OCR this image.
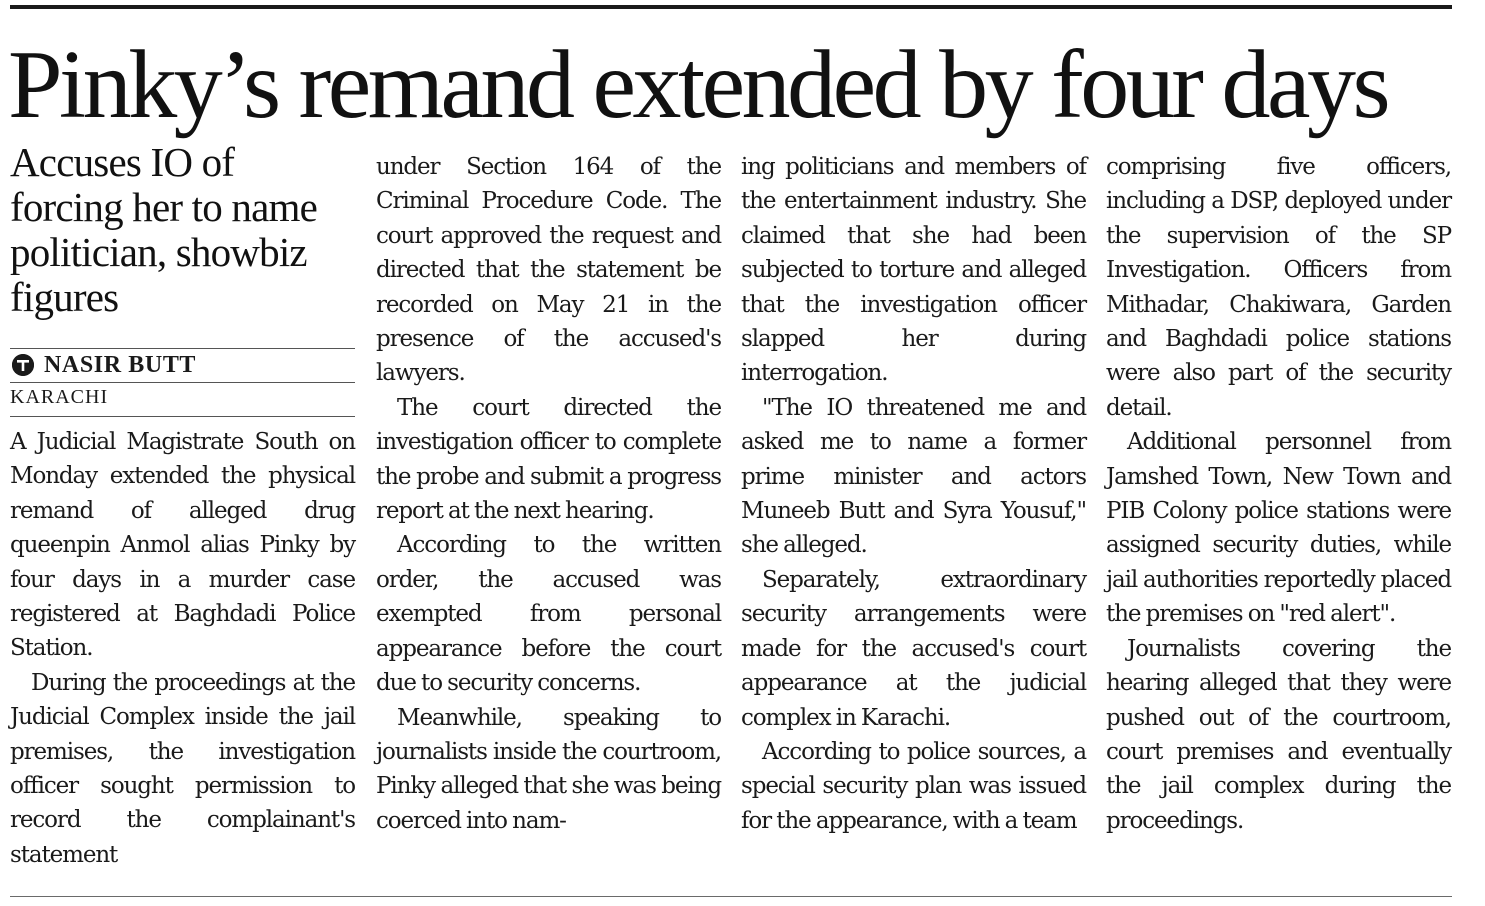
Pinky’s remand extended by four days
Accuses IO of forcing her to name politician, showbiz figures
NASIR BUTT
KARACHI

A Judicial Magistrate South on Monday extended the physical remand of alleged drug queenpin Anmol alias Pinky by four days in a murder case registered at Baghdadi Police Station.

During the proceedings at the Judicial Complex inside the jail premises, the investigation officer sought permission to record the complainant's statement

under Section 164 of the Criminal Procedure Code. The court approved the request and directed that the statement be recorded on May 21 in the presence of the accused's lawyers.

The court directed the investigation officer to complete the probe and submit a progress report at the next hearing.

According to the written order, the accused was exempted from personal appearance before the court due to security concerns.

Meanwhile, speaking to journalists inside the courtroom, Pinky alleged that she was being coerced into nam-

ing politicians and members of the entertainment industry. She claimed that she had been subjected to torture and alleged that the investigation officer slapped her during interrogation.

"The IO threatened me and asked me to name a former prime minister and actors Muneeb Butt and Syra Yousuf," she alleged.

Separately, extraordinary security arrangements were made for the accused's court appearance at the judicial complex in Karachi.

According to police sources, a special security plan was issued for the appearance, with a team

comprising five officers, including a DSP, deployed under the supervision of the SP Investigation. Officers from Mithadar, Chakiwara, Garden and Baghdadi police stations were also part of the security detail.

Additional personnel from Jamshed Town, New Town and PIB Colony police stations were assigned security duties, while jail authorities reportedly placed the premises on "red alert".

Journalists covering the hearing alleged that they were pushed out of the courtroom, court premises and eventually the jail complex during the proceedings.
